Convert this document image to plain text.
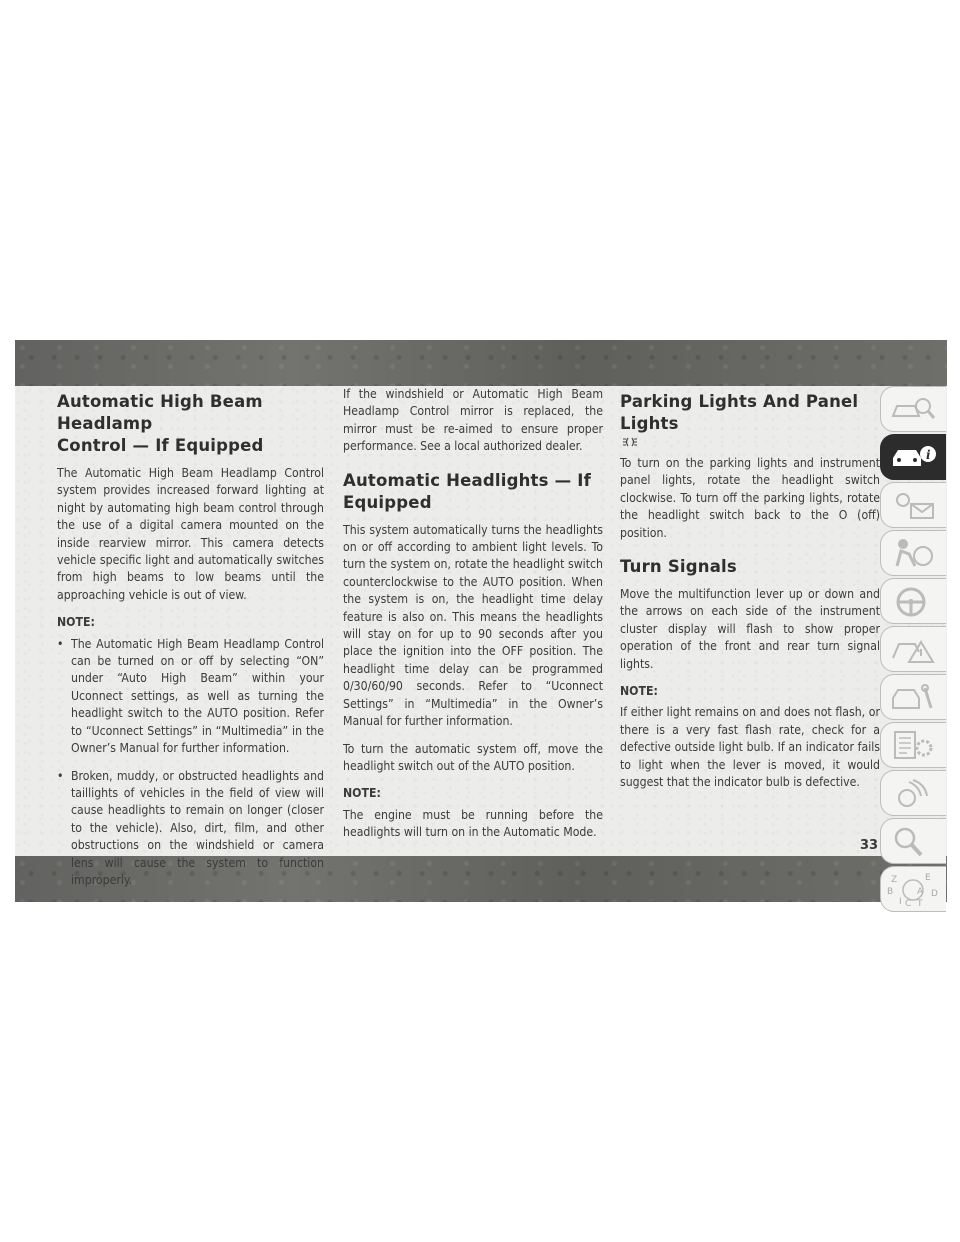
Automatic High Beam Headlamp
Control — If Equipped

The Automatic High Beam Headlamp Control system provides increased forward lighting at night by automating high beam control through the use of a digital camera mounted on the inside rearview mirror. This camera detects vehicle specific light and automatically switches from high beams to low beams until the approaching vehicle is out of view.

NOTE:
• The Automatic High Beam Headlamp Control can be turned on or off by selecting “ON” under “Auto High Beam” within your Uconnect settings, as well as turning the headlight switch to the AUTO position. Refer to “Uconnect Settings” in “Multimedia” in the Owner’s Manual for further information.
• Broken, muddy, or obstructed headlights and taillights of vehicles in the field of view will cause headlights to remain on longer (closer to the vehicle). Also, dirt, film, and other obstructions on the windshield or camera lens will cause the system to function improperly.

If the windshield or Automatic High Beam Headlamp Control mirror is replaced, the mirror must be re-aimed to ensure proper performance. See a local authorized dealer.

Automatic Headlights — If
Equipped

This system automatically turns the headlights on or off according to ambient light levels. To turn the system on, rotate the headlight switch counterclockwise to the AUTO position. When the system is on, the headlight time delay feature is also on. This means the headlights will stay on for up to 90 seconds after you place the ignition into the OFF position. The headlight time delay can be programmed 0/30/60/90 seconds. Refer to “Uconnect Settings” in “Multimedia” in the Owner’s Manual for further information.

To turn the automatic system off, move the headlight switch out of the AUTO position.

NOTE:

The engine must be running before the headlights will turn on in the Automatic Mode.

Parking Lights And Panel Lights

To turn on the parking lights and instrument panel lights, rotate the headlight switch clockwise. To turn off the parking lights, rotate the headlight switch back to the O (off) position.

Turn Signals

Move the multifunction lever up or down and the arrows on each side of the instrument cluster display will flash to show proper operation of the front and rear turn signal lights.

NOTE:

If either light remains on and does not flash, or there is a very fast flash rate, check for a defective outside light bulb. If an indicator fails to light when the lever is moved, it would suggest that the indicator bulb is defective.

i
Z	E
B	A D
I C T
33
